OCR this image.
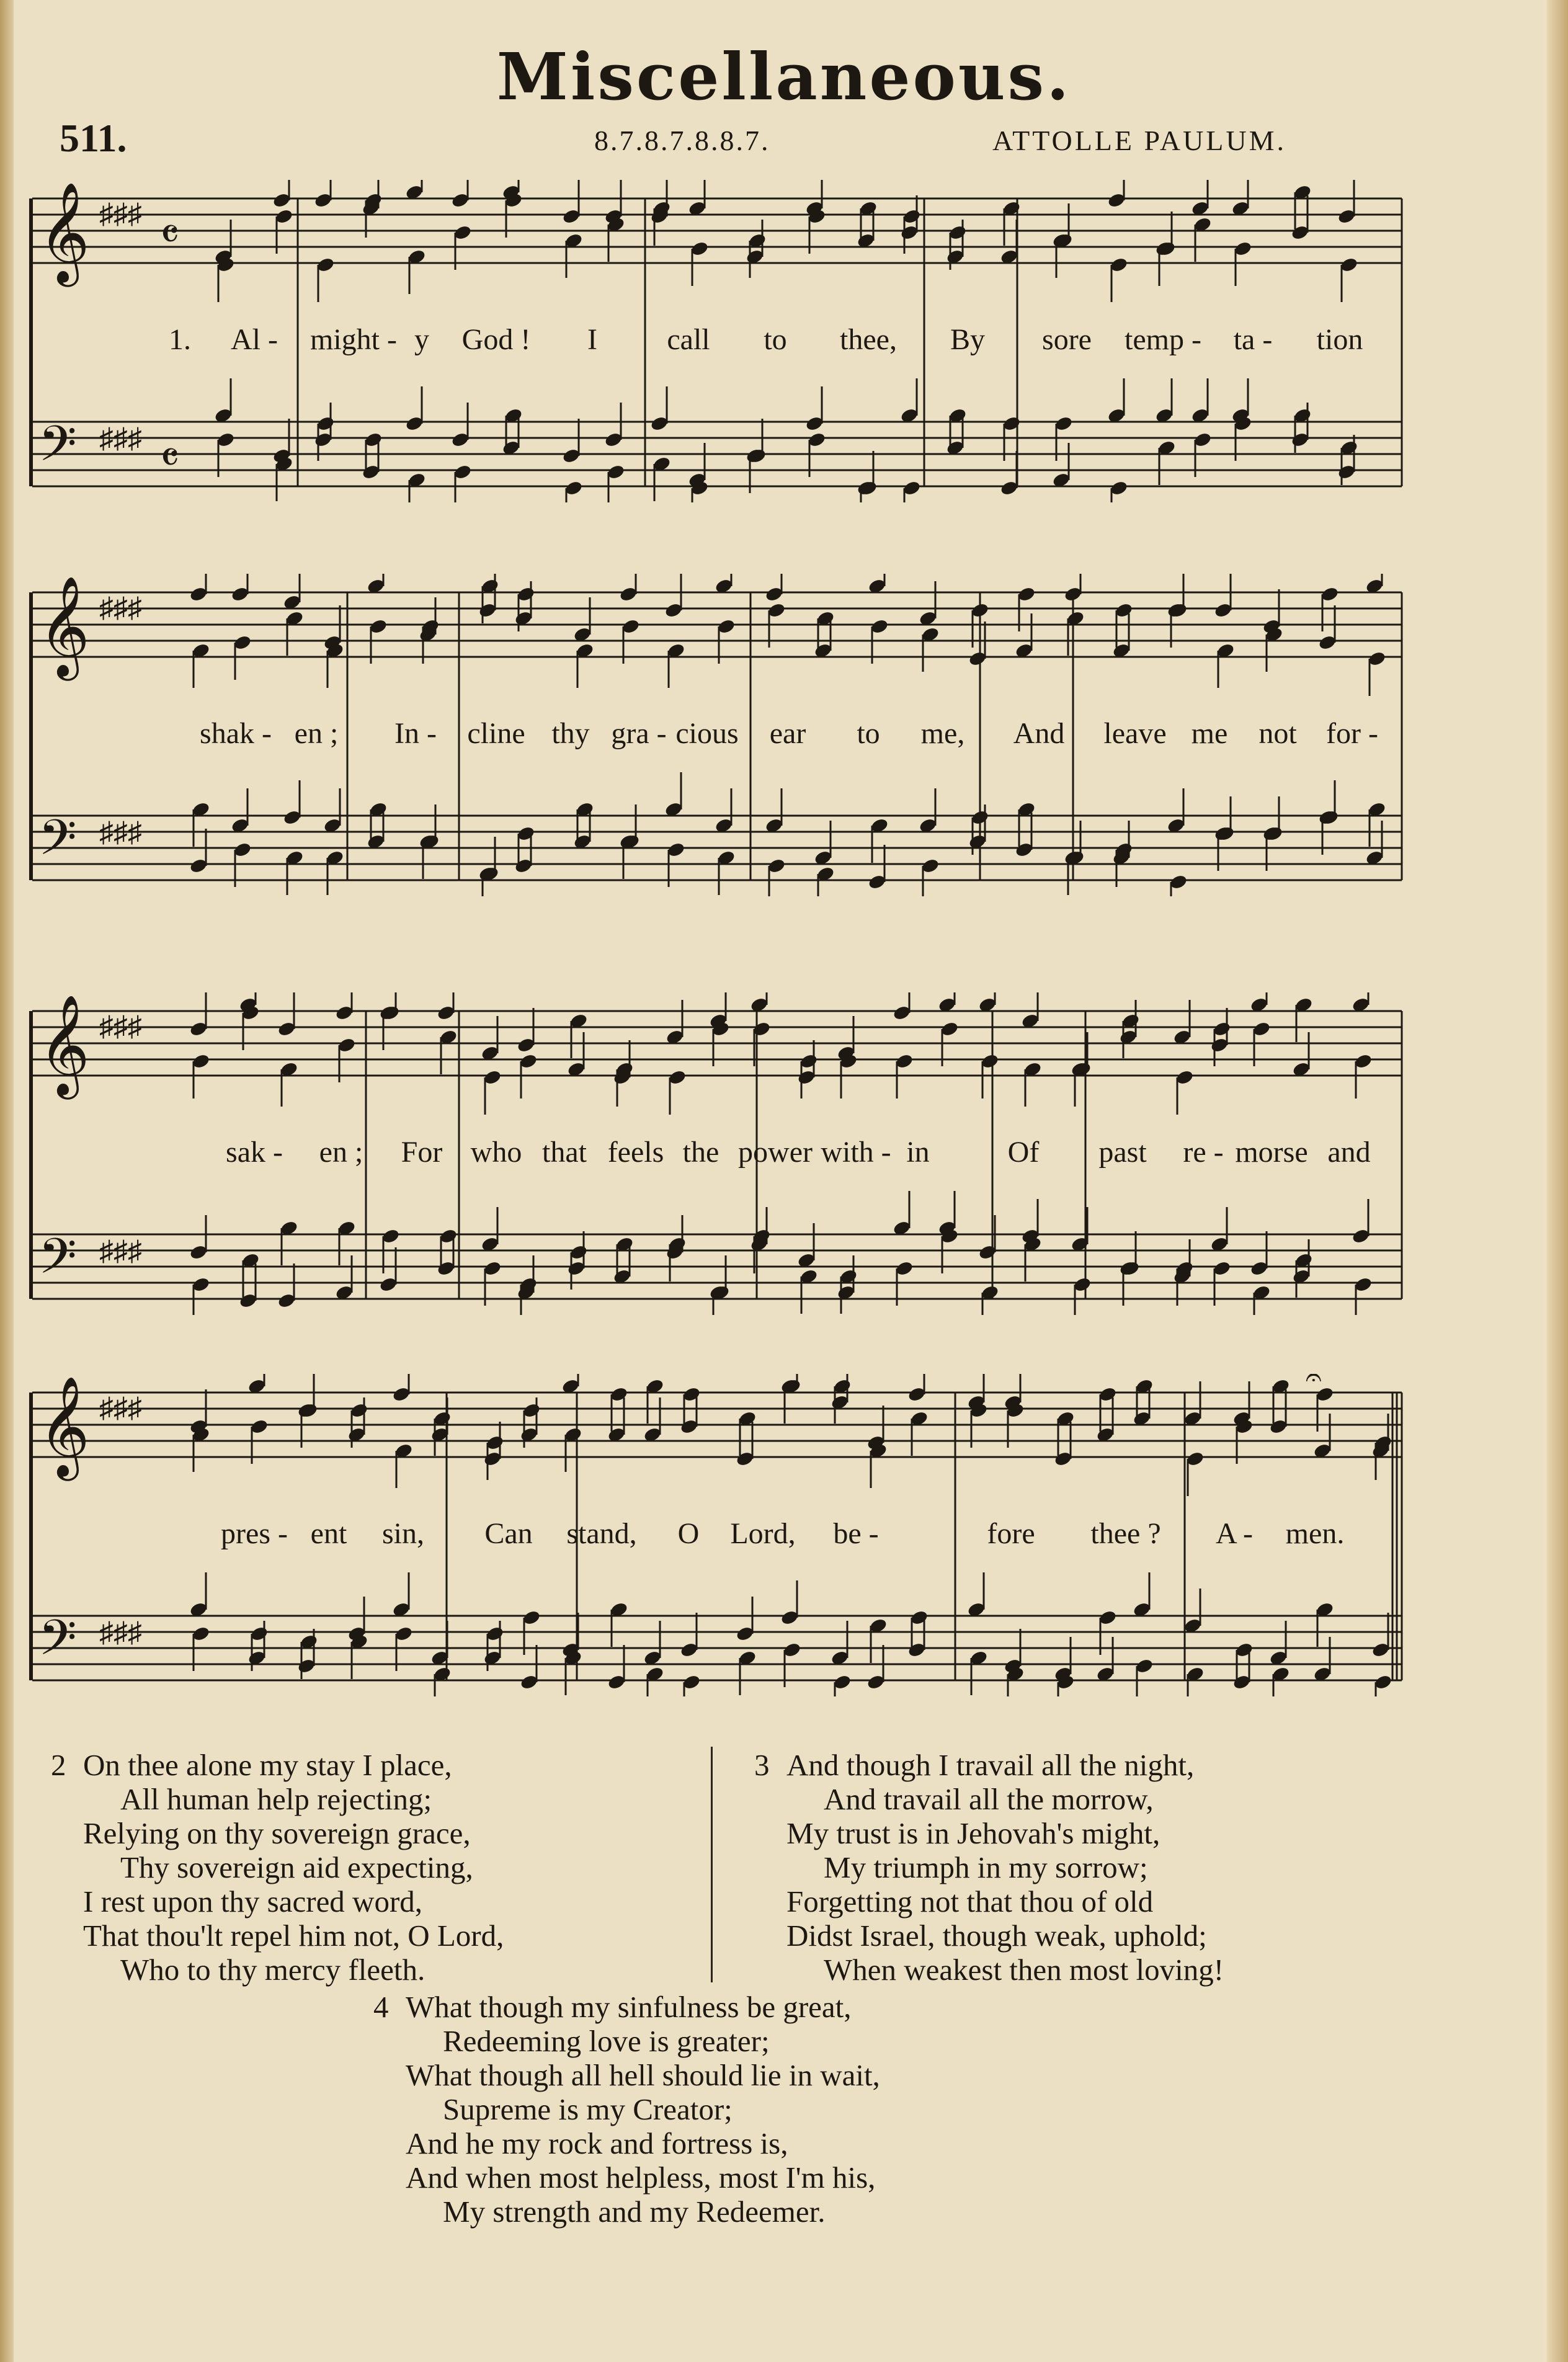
Miscellaneous.
511.	8.7.8.7.8.8.7.	ATTOLLE PAULUM.
𝄞
𝄢
♯♯♯
♯♯♯
𝄴
𝄴
1. Al - might - y God ! I call to thee, By sore temp - ta - tion
𝄞
𝄢
♯♯♯
♯♯♯
shak - en ; In - cline thy gra - cious ear to me, And leave me not for -
𝄞
𝄢
♯♯♯
♯♯♯
sak - en ; For who that feels the power with - in	Of past re - morse and
𝄞
𝄢
♯♯♯
♯♯♯
𝄐
pres - ent sin, Can stand, O Lord, be -	fore thee ? A - men.
2 On thee alone my stay I place,
All human help rejecting;
Relying on thy sovereign grace,
Thy sovereign aid expecting,
I rest upon thy sacred word,
That thou'lt repel him not, O Lord,
Who to thy mercy fleeth.
3 And though I travail all the night,
And travail all the morrow,
My trust is in Jehovah's might,
My triumph in my sorrow;
Forgetting not that thou of old
Didst Israel, though weak, uphold;
When weakest then most loving!
4 What though my sinfulness be great,
Redeeming love is greater;
What though all hell should lie in wait,
Supreme is my Creator;
And he my rock and fortress is,
And when most helpless, most I'm his,
My strength and my Redeemer.
